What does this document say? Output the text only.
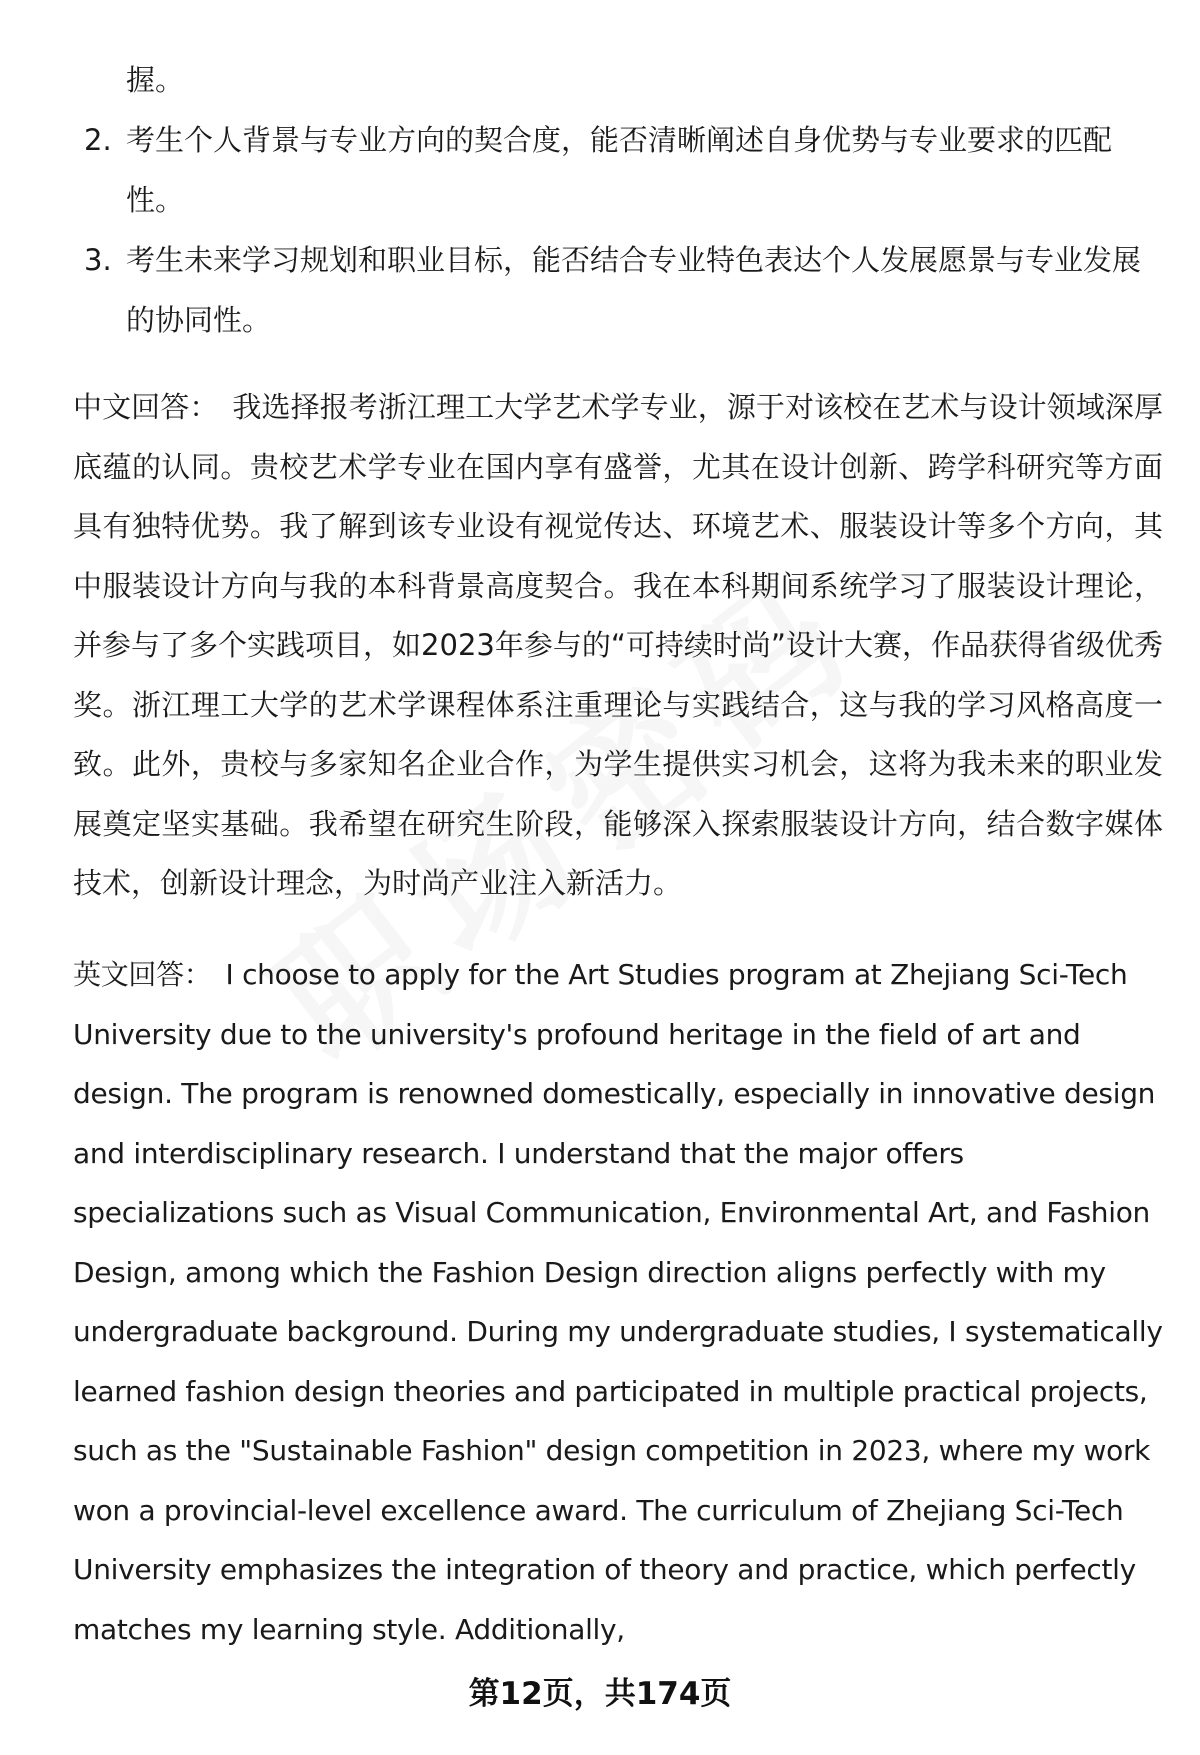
握。
2. 考生个人背景与专业方向的契合度，能否清晰阐述自身优势与专业要求的匹配性。
3. 考生未来学习规划和职业目标，能否结合专业特色表达个人发展愿景与专业发展的协同性。
中文回答： 我选择报考浙江理工大学艺术学专业，源于对该校在艺术与设计领域深厚底蕴的认同。贵校艺术学专业在国内享有盛誉，尤其在设计创新、跨学科研究等方面具有独特优势。我了解到该专业设有视觉传达、环境艺术、服装设计等多个方向，其中服装设计方向与我的本科背景高度契合。我在本科期间系统学习了服装设计理论，并参与了多个实践项目，如2023年参与的“可持续时尚”设计大赛，作品获得省级优秀奖。浙江理工大学的艺术学课程体系注重理论与实践结合，这与我的学习风格高度一致。此外，贵校与多家知名企业合作，为学生提供实习机会，这将为我未来的职业发展奠定坚实基础。我希望在研究生阶段，能够深入探索服装设计方向，结合数字媒体技术，创新设计理念，为时尚产业注入新活力。
英文回答： I choose to apply for the Art Studies program at Zhejiang Sci-Tech University due to the university's profound heritage in the field of art and design. The program is renowned domestically, especially in innovative design and interdisciplinary research. I understand that the major offers specializations such as Visual Communication, Environmental Art, and Fashion Design, among which the Fashion Design direction aligns perfectly with my undergraduate background. During my undergraduate studies, I systematically learned fashion design theories and participated in multiple practical projects, such as the "Sustainable Fashion" design competition in 2023, where my work won a provincial-level excellence award. The curriculum of Zhejiang Sci-Tech University emphasizes the integration of theory and practice, which perfectly matches my learning style. Additionally,
第12页，共174页
